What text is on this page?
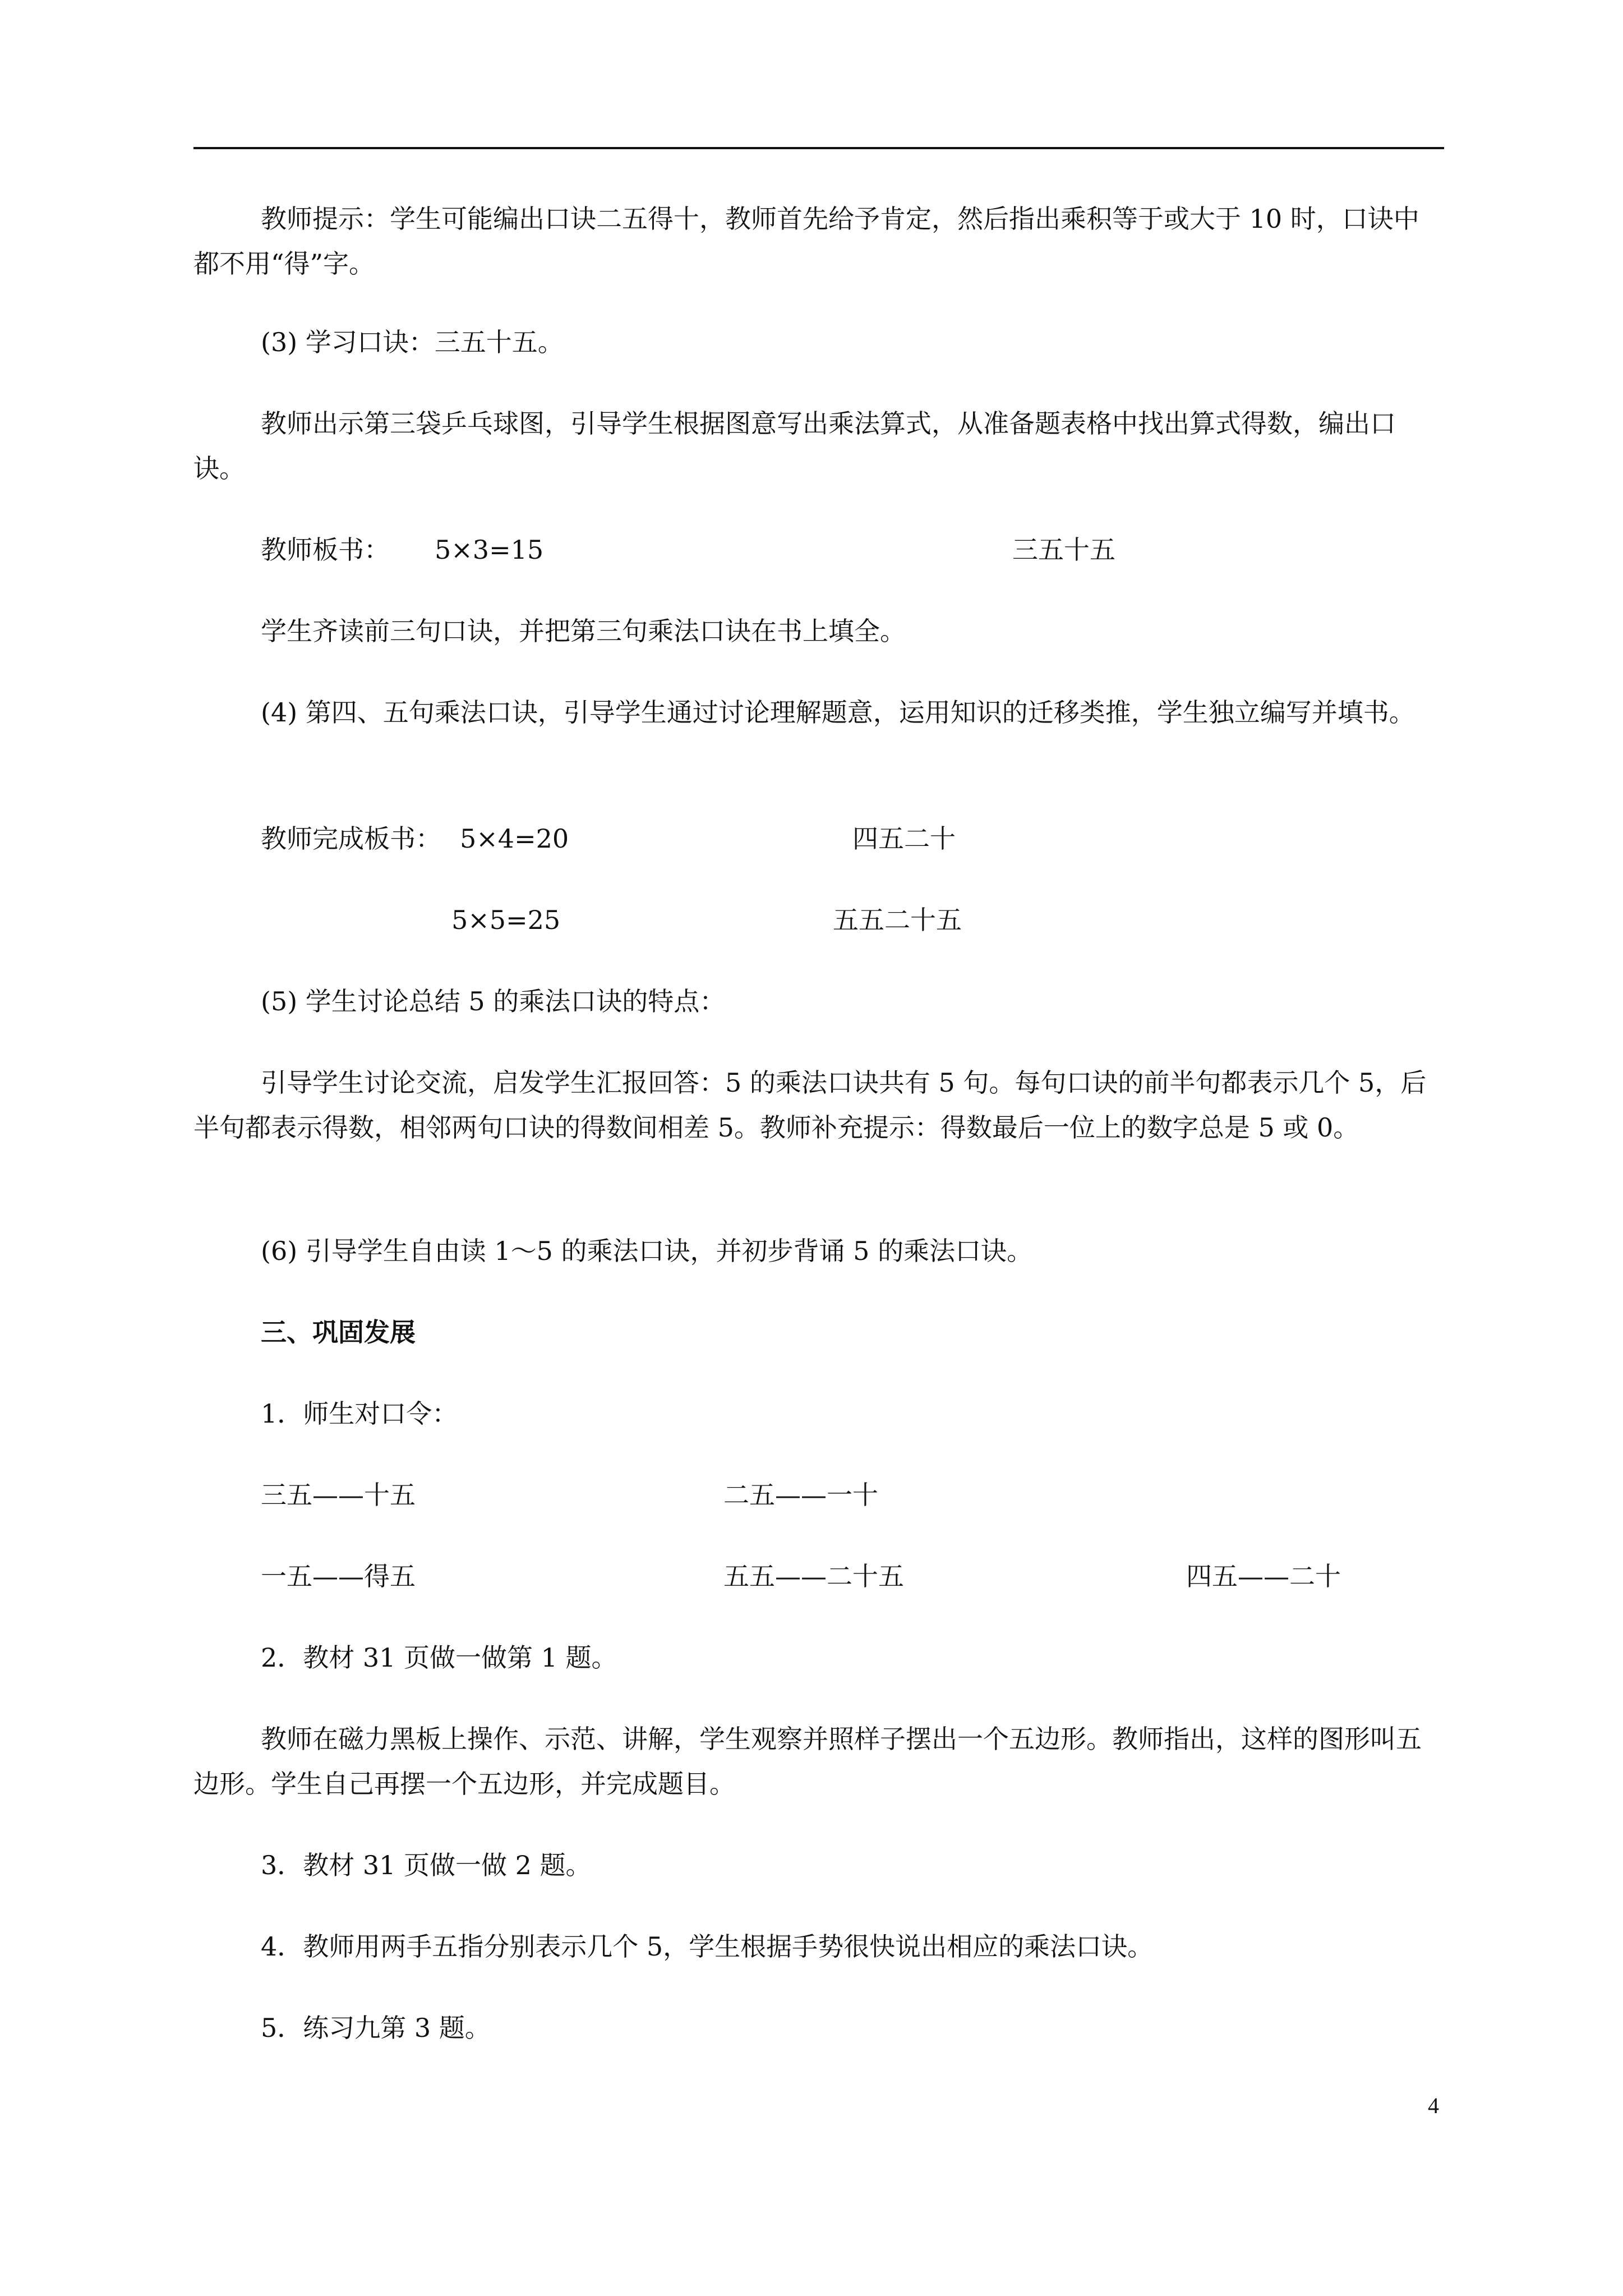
教师提示：学生可能编出口诀二五得十，教师首先给予肯定，然后指出乘积等于或大于 10 时，口诀中都不用“得”字。
(3) 学习口诀：三五十五。
教师出示第三袋乒乓球图，引导学生根据图意写出乘法算式，从准备题表格中找出算式得数，编出口诀。
教师板书： 5×3=15	三五十五
学生齐读前三句口诀，并把第三句乘法口诀在书上填全。
(4) 第四、五句乘法口诀，引导学生通过讨论理解题意，运用知识的迁移类推，学生独立编写并填书。
教师完成板书： 5×4=20	四五二十
5×5=25	五五二十五
(5) 学生讨论总结 5 的乘法口诀的特点：
引导学生讨论交流，启发学生汇报回答：5 的乘法口诀共有 5 句。每句口诀的前半句都表示几个 5，后半句都表示得数，相邻两句口诀的得数间相差 5。教师补充提示：得数最后一位上的数字总是 5 或 0。
(6) 引导学生自由读 1～5 的乘法口诀，并初步背诵 5 的乘法口诀。
三、巩固发展
1．师生对口令：
三五——十五	二五——一十
一五——得五	五五——二十五	四五——二十
2．教材 31 页做一做第 1 题。
教师在磁力黑板上操作、示范、讲解，学生观察并照样子摆出一个五边形。教师指出，这样的图形叫五边形。学生自己再摆一个五边形，并完成题目。
3．教材 31 页做一做 2 题。
4．教师用两手五指分别表示几个 5，学生根据手势很快说出相应的乘法口诀。
5．练习九第 3 题。
4
